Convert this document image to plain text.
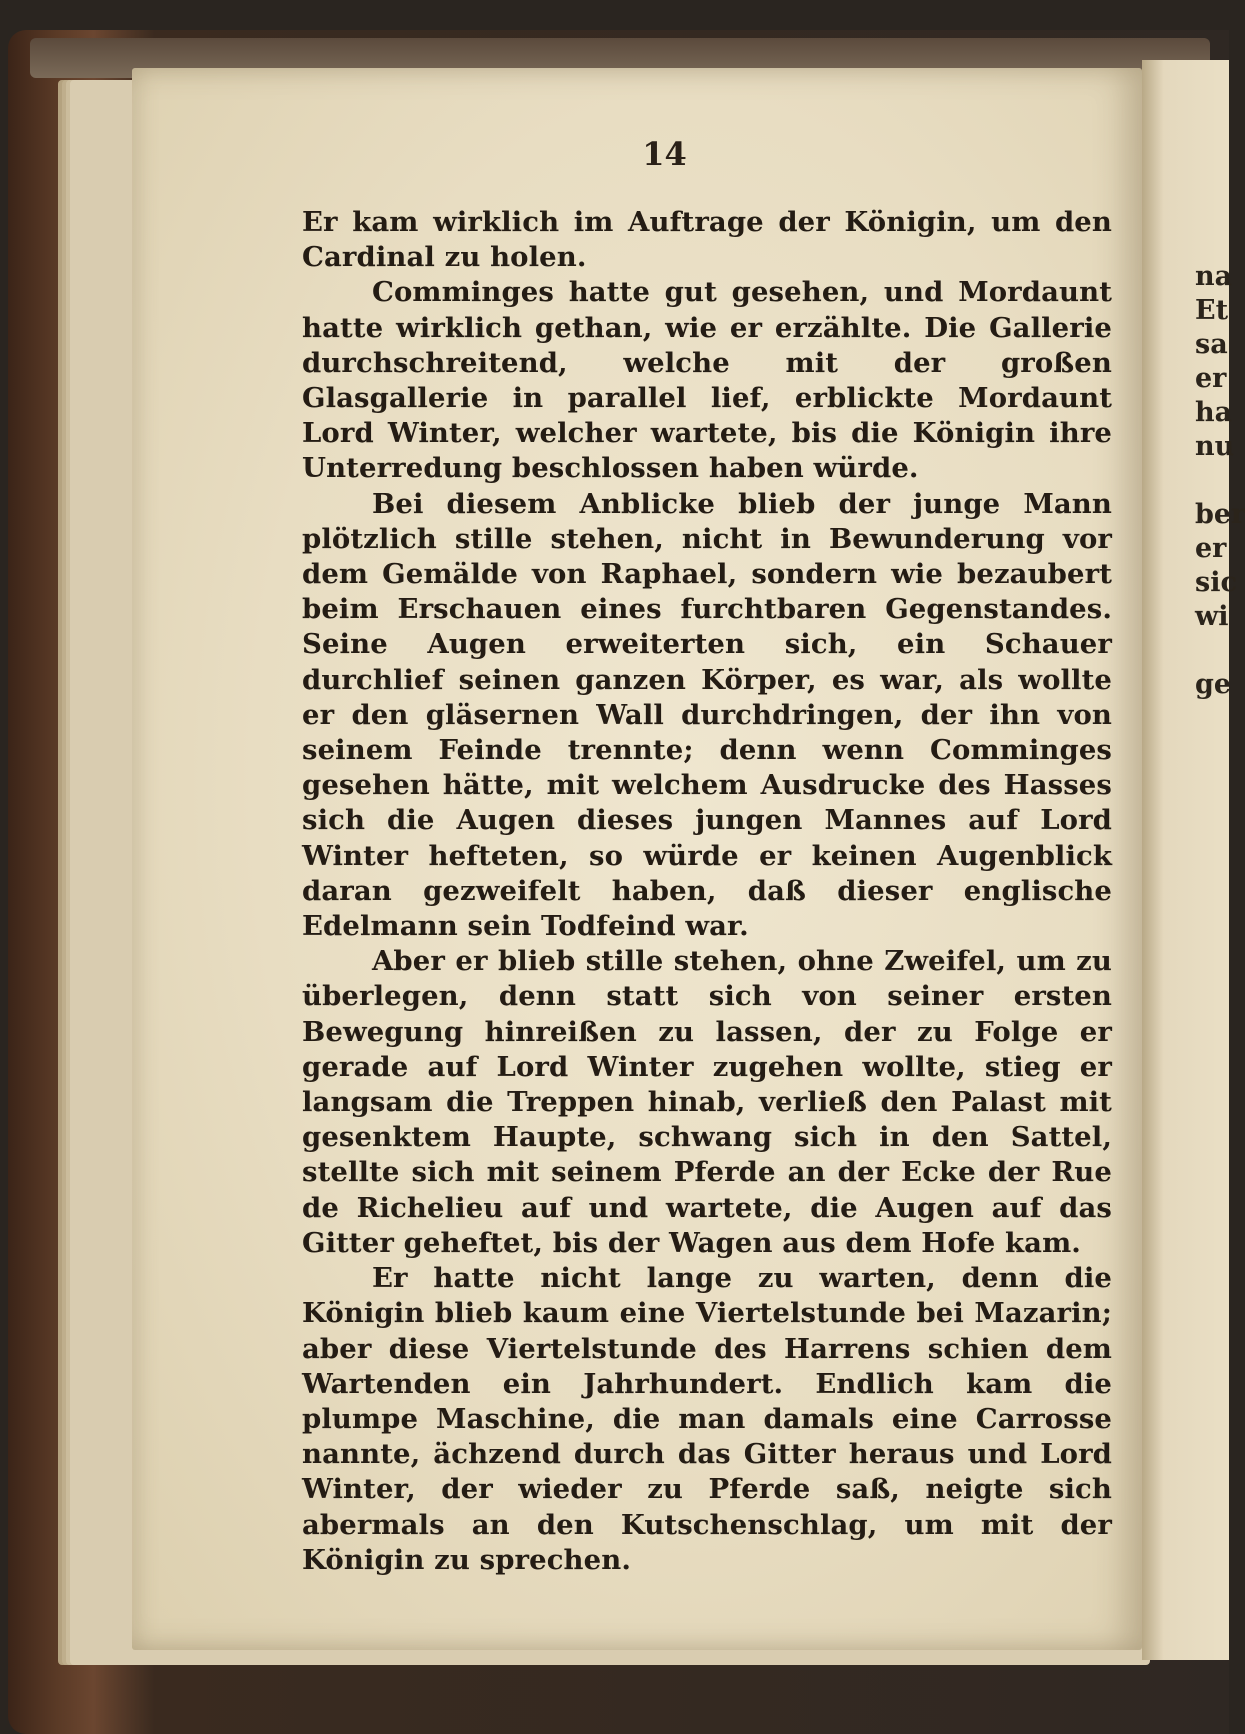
na
Et
sa
er
ha
nu
ber
er
sic
wi
ge
14

Er kam wirklich im Auftrage der Königin, um den Cardinal zu holen.

Comminges hatte gut gesehen, und Mordaunt hatte wirklich gethan, wie er erzählte. Die Gallerie durchschreitend, welche mit der großen Glasgallerie in parallel lief, erblickte Mordaunt Lord Winter, welcher wartete, bis die Königin ihre Unterredung beschlossen haben würde.

Bei diesem Anblicke blieb der junge Mann plötzlich stille stehen, nicht in Bewunderung vor dem Gemälde von Raphael, sondern wie bezaubert beim Erschauen eines furchtbaren Gegenstandes. Seine Augen erweiterten sich, ein Schauer durchlief seinen ganzen Körper, es war, als wollte er den gläsernen Wall durchdringen, der ihn von seinem Feinde trennte; denn wenn Comminges gesehen hätte, mit welchem Ausdrucke des Hasses sich die Augen dieses jungen Mannes auf Lord Winter hefteten, so würde er keinen Augenblick daran gezweifelt haben, daß dieser englische Edelmann sein Todfeind war.

Aber er blieb stille stehen, ohne Zweifel, um zu überlegen, denn statt sich von seiner ersten Bewegung hinreißen zu lassen, der zu Folge er gerade auf Lord Winter zugehen wollte, stieg er langsam die Treppen hinab, verließ den Palast mit gesenktem Haupte, schwang sich in den Sattel, stellte sich mit seinem Pferde an der Ecke der Rue de Richelieu auf und wartete, die Augen auf das Gitter geheftet, bis der Wagen aus dem Hofe kam.

Er hatte nicht lange zu warten, denn die Königin blieb kaum eine Viertelstunde bei Mazarin; aber diese Viertelstunde des Harrens schien dem Wartenden ein Jahrhundert. Endlich kam die plumpe Maschine, die man damals eine Carrosse nannte, ächzend durch das Gitter heraus und Lord Winter, der wieder zu Pferde saß, neigte sich abermals an den Kutschenschlag, um mit der Königin zu sprechen.
